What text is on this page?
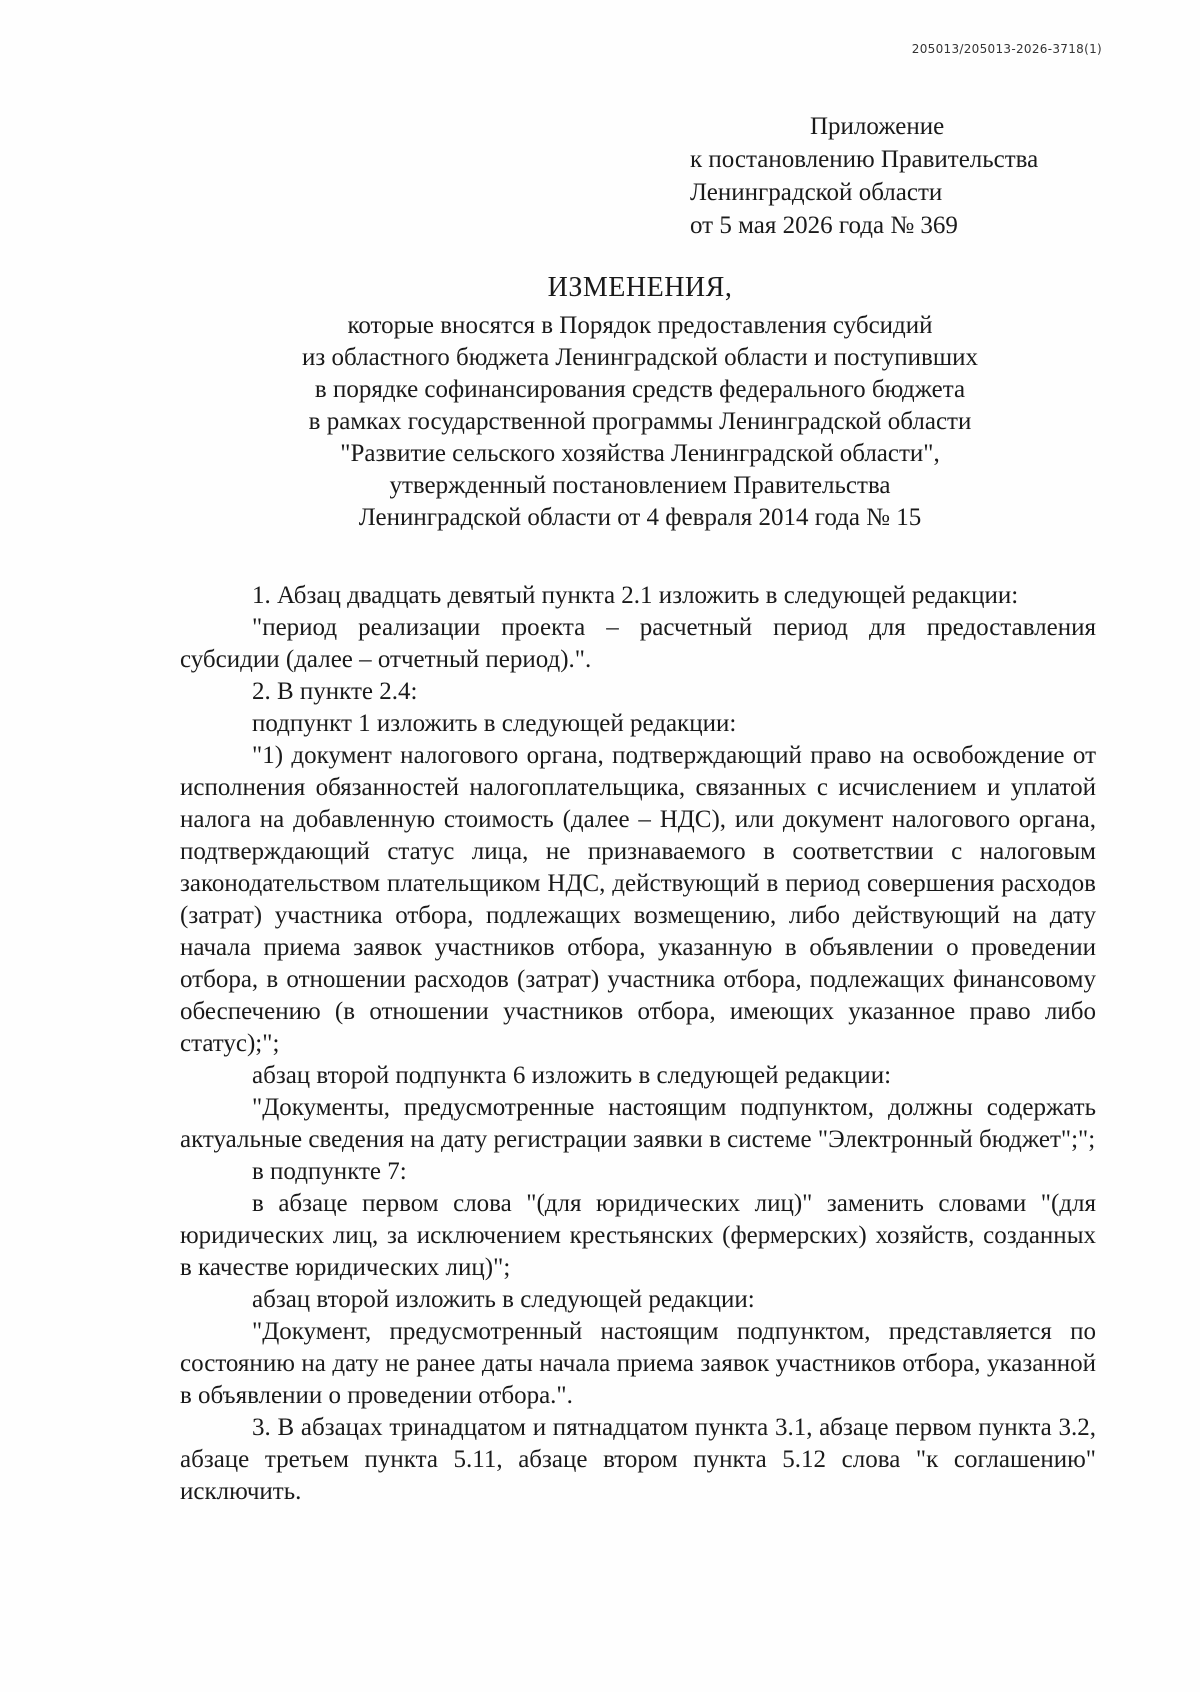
205013/205013-2026-3718(1)
Приложение
к постановлению Правительства
Ленинградской области
от 5 мая 2026 года № 369
ИЗМЕНЕНИЯ,
которые вносятся в Порядок предоставления субсидий
из областного бюджета Ленинградской области и поступивших
в порядке софинансирования средств федерального бюджета
в рамках государственной программы Ленинградской области
"Развитие сельского хозяйства Ленинградской области",
утвержденный постановлением Правительства
Ленинградской области от 4 февраля 2014 года № 15

1. Абзац двадцать девятый пункта 2.1 изложить в следующей редакции:

"период реализации проекта – расчетный период для предоставления субсидии (далее – отчетный период).".

2. В пункте 2.4:

подпункт 1 изложить в следующей редакции:

"1) документ налогового органа, подтверждающий право на освобождение от исполнения обязанностей налогоплательщика, связанных с исчислением и уплатой налога на добавленную стоимость (далее – НДС), или документ налогового органа, подтверждающий статус лица, не признаваемого в соответствии с налоговым законодательством плательщиком НДС, действующий в период совершения расходов (затрат) участника отбора, подлежащих возмещению, либо действующий на дату начала приема заявок участников отбора, указанную в объявлении о проведении отбора, в отношении расходов (затрат) участника отбора, подлежащих финансовому обеспечению (в отношении участников отбора, имеющих указанное право либо статус);";

абзац второй подпункта 6 изложить в следующей редакции:

"Документы, предусмотренные настоящим подпунктом, должны содержать актуальные сведения на дату регистрации заявки в системе "Электронный бюджет";";

в подпункте 7:

в абзаце первом слова "(для юридических лиц)" заменить словами "(для юридических лиц, за исключением крестьянских (фермерских) хозяйств, созданных в качестве юридических лиц)";

абзац второй изложить в следующей редакции:

"Документ, предусмотренный настоящим подпунктом, представляется по состоянию на дату не ранее даты начала приема заявок участников отбора, указанной в объявлении о проведении отбора.".

3. В абзацах тринадцатом и пятнадцатом пункта 3.1, абзаце первом пункта 3.2, абзаце третьем пункта 5.11, абзаце втором пункта 5.12 слова "к соглашению" исключить.
